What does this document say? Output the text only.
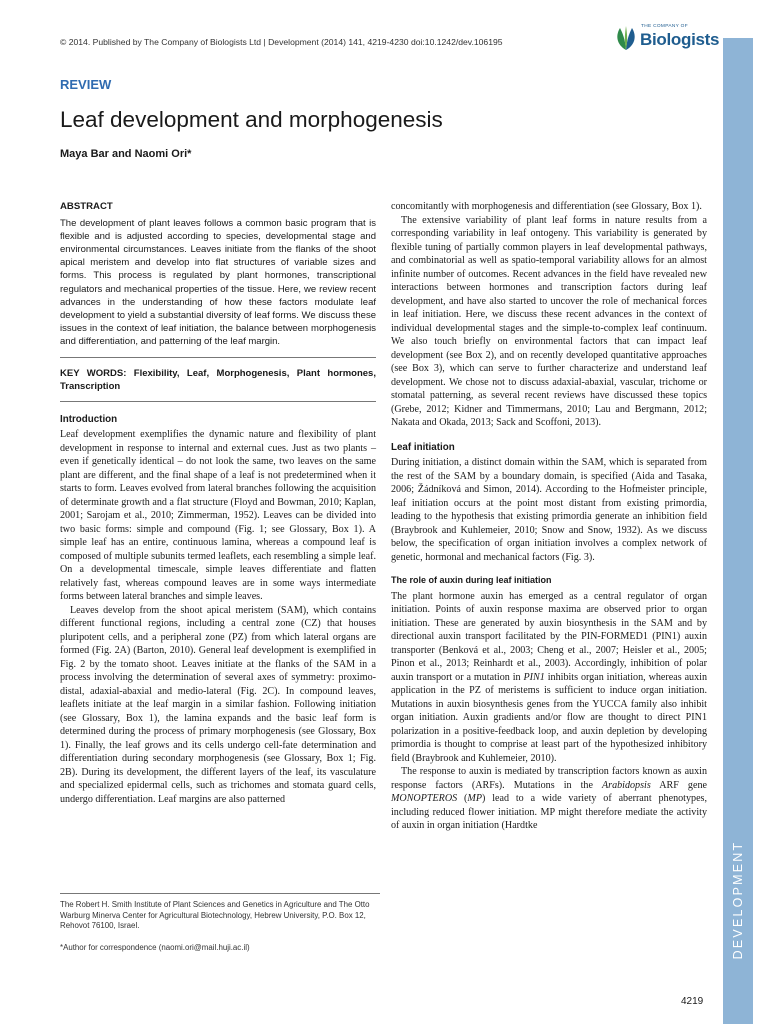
© 2014. Published by The Company of Biologists Ltd | Development (2014) 141, 4219-4230 doi:10.1242/dev.106195
THE COMPANY OF
Biologists
DEVELOPMENT
REVIEW
Leaf development and morphogenesis
Maya Bar and Naomi Ori*
ABSTRACT
The development of plant leaves follows a common basic program that is flexible and is adjusted according to species, developmental stage and environmental circumstances. Leaves initiate from the flanks of the shoot apical meristem and develop into flat structures of variable sizes and forms. This process is regulated by plant hormones, transcriptional regulators and mechanical properties of the tissue. Here, we review recent advances in the understanding of how these factors modulate leaf development to yield a substantial diversity of leaf forms. We discuss these issues in the context of leaf initiation, the balance between morphogenesis and differentiation, and patterning of the leaf margin.
KEY WORDS: Flexibility, Leaf, Morphogenesis, Plant hormones, Transcription
Introduction

Leaf development exemplifies the dynamic nature and flexibility of plant development in response to internal and external cues. Just as two plants – even if genetically identical – do not look the same, two leaves on the same plant are different, and the final shape of a leaf is not predetermined when it starts to form. Leaves evolved from lateral branches following the acquisition of determinate growth and a flat structure (Floyd and Bowman, 2010; Kaplan, 2001; Sarojam et al., 2010; Zimmerman, 1952). Leaves can be divided into two basic forms: simple and compound (Fig. 1; see Glossary, Box 1). A simple leaf has an entire, continuous lamina, whereas a compound leaf is composed of multiple subunits termed leaflets, each resembling a simple leaf. On a developmental timescale, simple leaves differentiate and flatten relatively fast, whereas compound leaves are in some ways intermediate forms between lateral branches and simple leaves.

Leaves develop from the shoot apical meristem (SAM), which contains different functional regions, including a central zone (CZ) that houses pluripotent cells, and a peripheral zone (PZ) from which lateral organs are formed (Fig. 2A) (Barton, 2010). General leaf development is exemplified in Fig. 2 by the tomato shoot. Leaves initiate at the flanks of the SAM in a process involving the determination of several axes of symmetry: proximo-distal, adaxial-abaxial and medio-lateral (Fig. 2C). In compound leaves, leaflets initiate at the leaf margin in a similar fashion. Following initiation (see Glossary, Box 1), the lamina expands and the basic leaf form is determined during the process of primary morphogenesis (see Glossary, Box 1). Finally, the leaf grows and its cells undergo cell-fate determination and differentiation during secondary morphogenesis (see Glossary, Box 1; Fig. 2B). During its development, the different layers of the leaf, its vasculature and specialized epidermal cells, such as trichomes and stomata guard cells, undergo differentiation. Leaf margins are also patterned

concomitantly with morphogenesis and differentiation (see Glossary, Box 1).

The extensive variability of plant leaf forms in nature results from a corresponding variability in leaf ontogeny. This variability is generated by flexible tuning of partially common players in leaf developmental pathways, and combinatorial as well as spatio-temporal variability allows for an almost infinite number of outcomes. Recent advances in the field have revealed new interactions between hormones and transcription factors during leaf development, and have also started to uncover the role of mechanical forces in leaf initiation. Here, we discuss these recent advances in the context of individual developmental stages and the simple-to-complex leaf continuum. We also touch briefly on environmental factors that can impact leaf development (see Box 2), and on recently developed quantitative approaches (see Box 3), which can serve to further characterize and understand leaf development. We chose not to discuss adaxial-abaxial, vascular, trichome or stomatal patterning, as several recent reviews have discussed these topics (Grebe, 2012; Kidner and Timmermans, 2010; Lau and Bergmann, 2012; Nakata and Okada, 2013; Sack and Scoffoni, 2013).

Leaf initiation

During initiation, a distinct domain within the SAM, which is separated from the rest of the SAM by a boundary domain, is specified (Aida and Tasaka, 2006; Žádníková and Simon, 2014). According to the Hofmeister principle, leaf initiation occurs at the point most distant from existing primordia, leading to the hypothesis that existing primordia generate an inhibition field (Braybrook and Kuhlemeier, 2010; Snow and Snow, 1932). As we discuss below, the specification of organ initiation involves a complex network of genetic, hormonal and mechanical factors (Fig. 3).

The role of auxin during leaf initiation

The plant hormone auxin has emerged as a central regulator of organ initiation. Points of auxin response maxima are observed prior to organ initiation. These are generated by auxin biosynthesis in the SAM and by directional auxin transport facilitated by the PIN-FORMED1 (PIN1) auxin transporter (Benková et al., 2003; Cheng et al., 2007; Heisler et al., 2005; Pinon et al., 2013; Reinhardt et al., 2003). Accordingly, inhibition of polar auxin transport or a mutation in PIN1 inhibits organ initiation, whereas auxin application in the PZ of meristems is sufficient to induce organ initiation. Mutations in auxin biosynthesis genes from the YUCCA family also inhibit organ initiation. Auxin gradients and/or flow are thought to direct PIN1 polarization in a positive-feedback loop, and auxin depletion by developing primordia is thought to comprise at least part of the hypothesized inhibitory field (Braybrook and Kuhlemeier, 2010).

The response to auxin is mediated by transcription factors known as auxin response factors (ARFs). Mutations in the Arabidopsis ARF gene MONOPTEROS (MP) lead to a wide variety of aberrant phenotypes, including reduced flower initiation. MP might therefore mediate the activity of auxin in organ initiation (Hardtke

The Robert H. Smith Institute of Plant Sciences and Genetics in Agriculture and The Otto Warburg Minerva Center for Agricultural Biotechnology, Hebrew University, P.O. Box 12, Rehovot 76100, Israel.
*Author for correspondence (naomi.ori@mail.huji.ac.il)
4219
